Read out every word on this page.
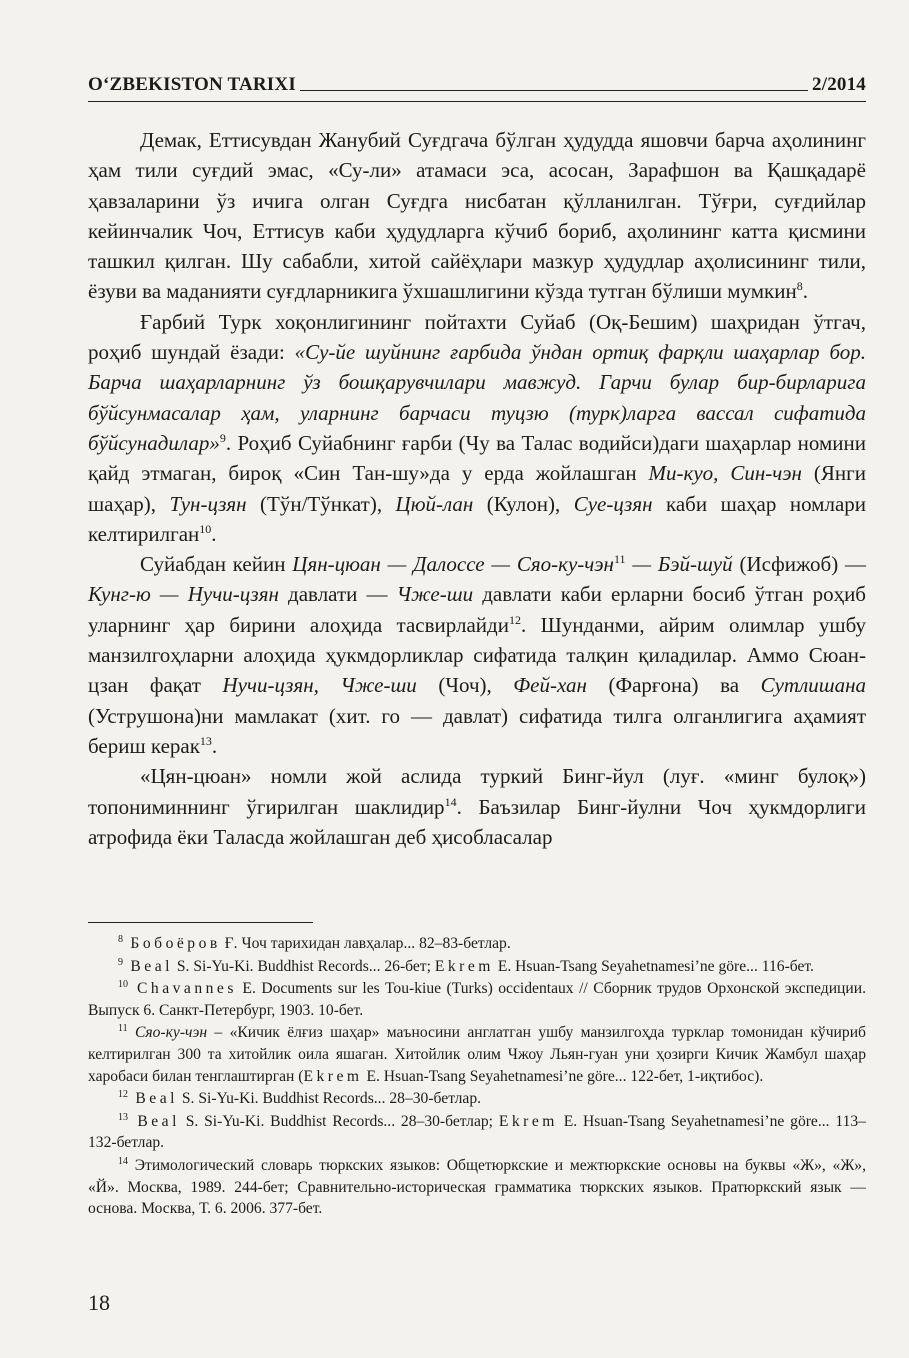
O‘ZBEKISTON TARIXI	2/2014

Демак, Еттисувдан Жанубий Суғдгача бўлган ҳудудда яшовчи барча аҳолининг ҳам тили суғдий эмас, «Су-ли» атамаси эса, асосан, Зарафшон ва Қашқадарё ҳавзаларини ўз ичига олган Суғдга нисбатан қўлланилган. Тўғри, суғдийлар кейинчалик Чоч, Еттисув каби ҳудудларга кўчиб бориб, аҳолининг катта қисмини ташкил қилган. Шу сабабли, хитой сайёҳлари мазкур ҳудудлар аҳолисининг тили, ёзуви ва маданияти суғдларникига ўхшашлигини кўзда тутган бўлиши мумкин$^8$.

Ғарбий Турк хоқонлигининг пойтахти Суйаб (Оқ-Бешим) шаҳридан ўтгач, роҳиб шундай ёзади: «Су-йе шуйнинг ғарбида ўндан ортиқ фарқли шаҳарлар бор. Барча шаҳарларнинг ўз бошқарувчилари мавжуд. Гарчи булар бир-бирларига бўйсунмасалар ҳам, уларнинг барчаси туцзю (турк)ларга вассал сифатида бўйсунадилар»$^9$. Роҳиб Суйабнинг ғарби (Чу ва Талас водийси)даги шаҳарлар номини қайд этмаган, бироқ «Син Тан-шу»да у ерда жойлашган Ми-куо, Син-чэн (Янги шаҳар), Тун-цзян (Тўн/Тўнкат), Цюй-лан (Кулон), Суе-цзян каби шаҳар номлари келтирилган$^{10}$.

Суйабдан кейин Цян-цюан — Далоссе — Сяо-ку-чэн$^{11}$ — Бэй-шуй (Исфижоб) — Кунг-ю — Нучи-цзян давлати — Чже-ши давлати каби ерларни босиб ўтган роҳиб уларнинг ҳар бирини алоҳида тасвирлайди$^{12}$. Шунданми, айрим олимлар ушбу манзилгоҳларни алоҳида ҳукмдорликлар сифатида талқин қиладилар. Аммо Сюан-цзан фақат Нучи-цзян, Чже-ши (Чоч), Фей-хан (Фарғона) ва Сутлишана (Уструшона)ни мамлакат (хит. го — давлат) сифатида тилга олганлигига аҳамият бериш керак$^{13}$.

«Цян-цюан» номли жой аслида туркий Бинг-йул (луғ. «минг булоқ») топониминнинг ўгирилган шаклидир$^{14}$. Баъзилар Бинг-йулни Чоч ҳукмдорлиги атрофида ёки Таласда жойлашган деб ҳисобласалар

$^8$ Бобоёров Ғ. Чоч тарихидан лавҳалар... 82–83-бетлар.

$^9$ Beal S. Si-Yu-Ki. Buddhist Records... 26-бет; Ekrem E. Hsuan-Tsang Seyahetnamesi’ne göre... 116-бет.

$^{10}$ Chavannes E. Documents sur les Tou-kiue (Turks) occidentaux // Сборник трудов Орхонской экспедиции. Выпуск 6. Санкт-Петербург, 1903. 10-бет.

$^{11}$ Сяо-ку-чэн – «Кичик ёлғиз шаҳар» маъносини англатган ушбу манзилгоҳда турклар томонидан кўчириб келтирилган 300 та хитойлик оила яшаган. Хитойлик олим Чжоу Льян-гуан уни ҳозирги Кичик Жамбул шаҳар харобаси билан тенглаштирган (Ekrem E. Hsuan-Tsang Seyahetnamesi’ne göre... 122-бет, 1-иқтибос).

$^{12}$ Beal S. Si-Yu-Ki. Buddhist Records... 28–30-бетлар.

$^{13}$ Beal S. Si-Yu-Ki. Buddhist Records... 28–30-бетлар; Ekrem E. Hsuan-Tsang Seyahetnamesi’ne göre... 113–132-бетлар.

$^{14}$ Этимологический словарь тюркских языков: Общетюркские и межтюркские основы на буквы «Ж», «Ж», «Й». Москва, 1989. 244-бет; Сравнительно-историческая грамматика тюркских языков. Пратюркский язык — основа. Москва, Т. 6. 2006. 377-бет.

18
